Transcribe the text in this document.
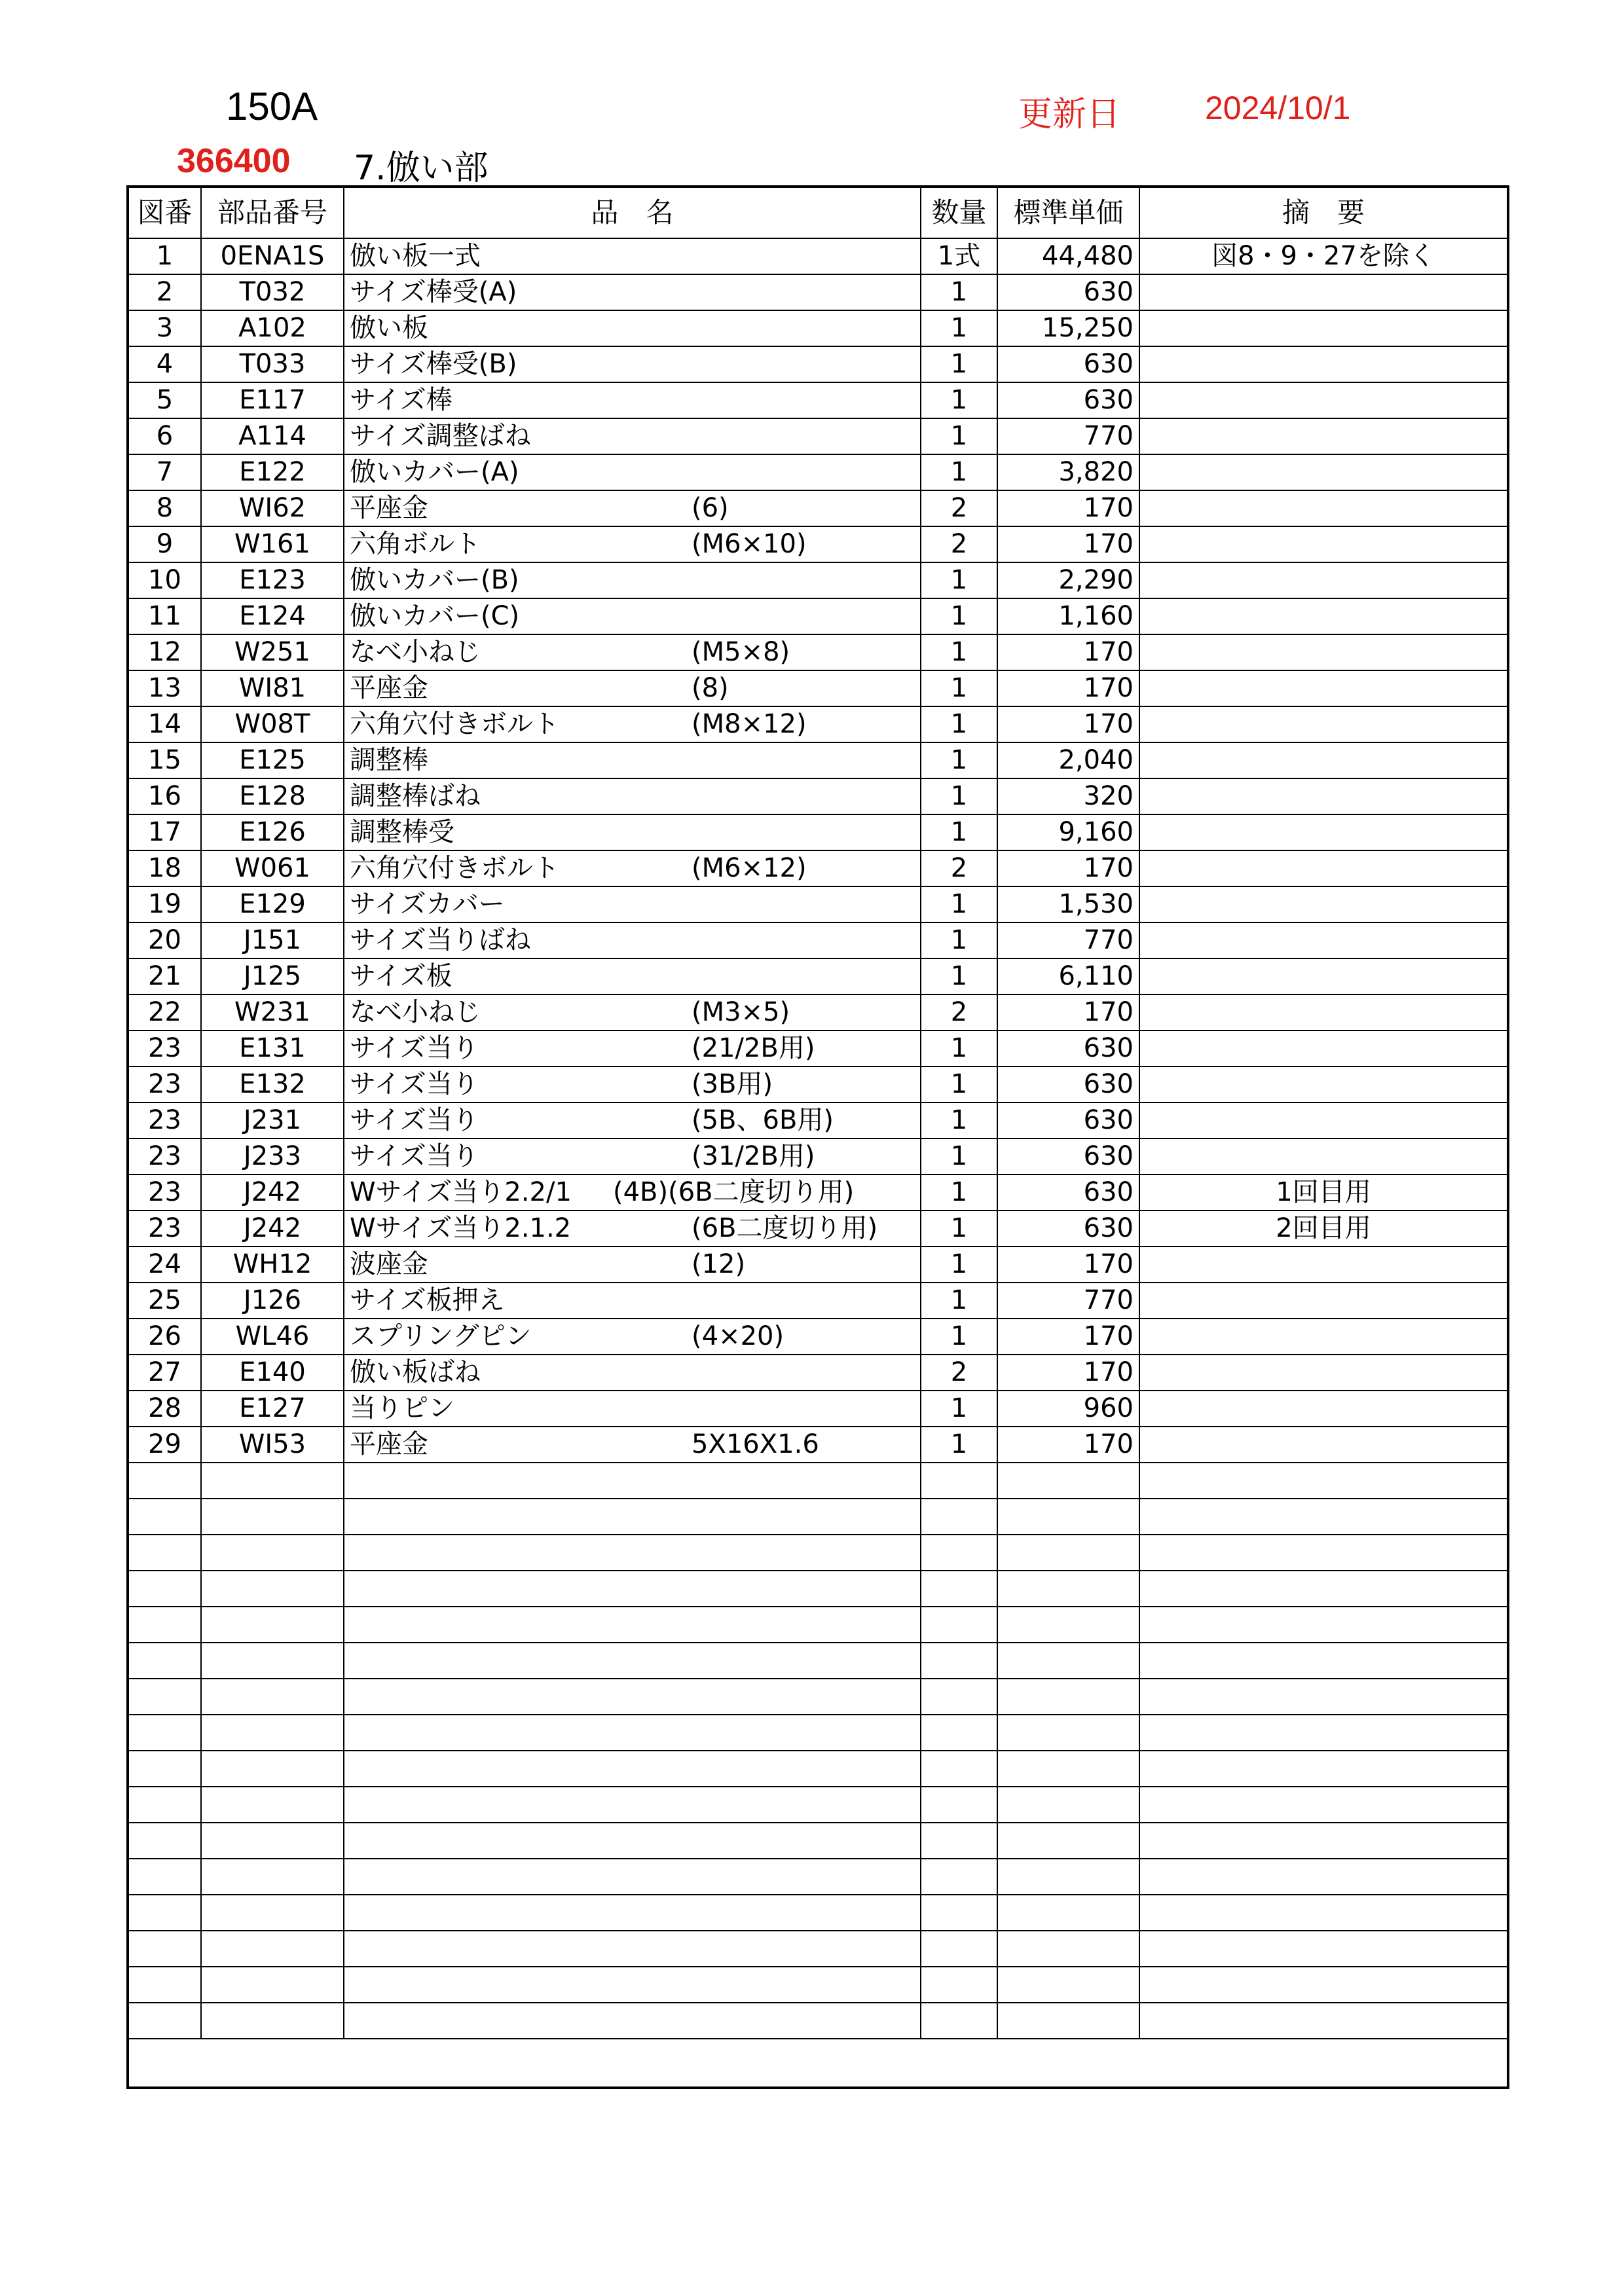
150A	更新日	2024/10/1
366400 7.倣い部
図番	部品番号	品　名	数量	標準単価	摘　要
1	0ENA1S	倣い板一式	1式	44,480	図8・9・27を除く
2	T032	サイズ棒受(A)	1	630	
3	A102	倣い板	1	15,250	
4	T033	サイズ棒受(B)	1	630	
5	E117	サイズ棒	1	630	
6	A114	サイズ調整ばね	1	770	
7	E122	倣いカバー(A)	1	3,820	
8	WI62	平座金 (6)	2	170	
9	W161	六角ボルト (M6×10)	2	170	
10	E123	倣いカバー(B)	1	2,290	
11	E124	倣いカバー(C)	1	1,160	
12	W251	なべ小ねじ (M5×8)	1	170	
13	WI81	平座金 (8)	1	170	
14	W08T	六角穴付きボルト (M8×12)	1	170	
15	E125	調整棒	1	2,040	
16	E128	調整棒ばね	1	320	
17	E126	調整棒受	1	9,160	
18	W061	六角穴付きボルト (M6×12)	2	170	
19	E129	サイズカバー	1	1,530	
20	J151	サイズ当りばね	1	770	
21	J125	サイズ板	1	6,110	
22	W231	なべ小ねじ (M3×5)	2	170	
23	E131	サイズ当り (21/2B用)	1	630	
23	E132	サイズ当り (3B用)	1	630	
23	J231	サイズ当り (5B、6B用)	1	630	
23	J233	サイズ当り (31/2B用)	1	630	
23	J242	Wサイズ当り2.2/1 (4B)(6B二度切り用)	1	630	1回目用
23	J242	Wサイズ当り2.1.2 (6B二度切り用)	1	630	2回目用
24	WH12	波座金 (12)	1	170	
25	J126	サイズ板押え	1	770	
26	WL46	スプリングピン (4×20)	1	170	
27	E140	倣い板ばね	2	170	
28	E127	当りピン	1	960	
29	WI53	平座金 5X16X1.6	1	170	
